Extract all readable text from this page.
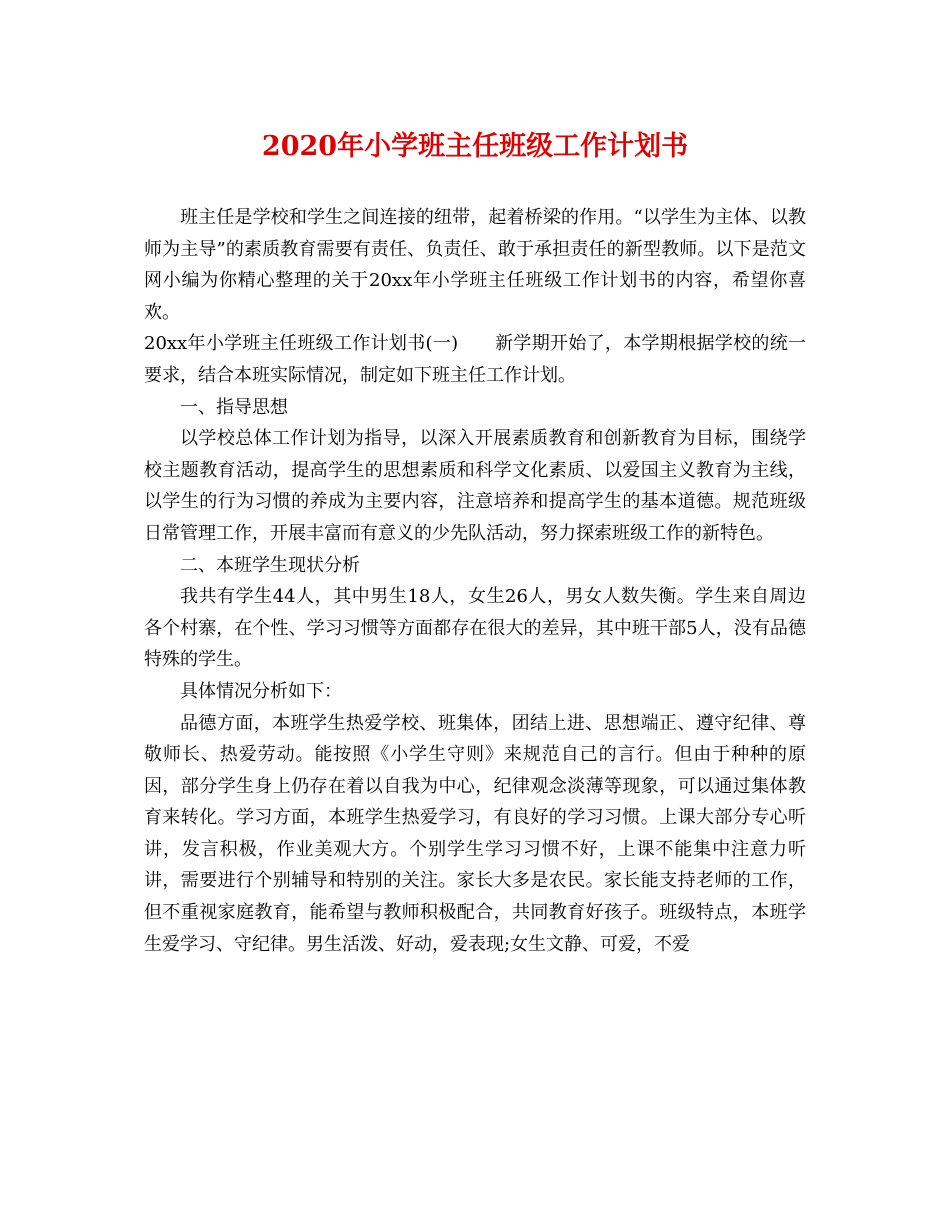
2020年小学班主任班级工作计划书

班主任是学校和学生之间连接的纽带，起着桥梁的作用。“以学生为主体、以教师为主导”的素质教育需要有责任、负责任、敢于承担责任的新型教师。以下是范文网小编为你精心整理的关于20xx年小学班主任班级工作计划书的内容，希望你喜欢。

20xx年小学班主任班级工作计划书(一)　　新学期开始了，本学期根据学校的统一要求，结合本班实际情况，制定如下班主任工作计划。

一、指导思想

以学校总体工作计划为指导，以深入开展素质教育和创新教育为目标，围绕学校主题教育活动，提高学生的思想素质和科学文化素质、以爱国主义教育为主线，以学生的行为习惯的养成为主要内容，注意培养和提高学生的基本道德。规范班级日常管理工作，开展丰富而有意义的少先队活动，努力探索班级工作的新特色。

二、本班学生现状分析

我共有学生44人，其中男生18人，女生26人，男女人数失衡。学生来自周边各个村寨，在个性、学习习惯等方面都存在很大的差异，其中班干部5人，没有品德特殊的学生。

具体情况分析如下：

品德方面，本班学生热爱学校、班集体，团结上进、思想端正、遵守纪律、尊敬师长、热爱劳动。能按照《小学生守则》来规范自己的言行。但由于种种的原因，部分学生身上仍存在着以自我为中心，纪律观念淡薄等现象，可以通过集体教育来转化。学习方面，本班学生热爱学习，有良好的学习习惯。上课大部分专心听讲，发言积极，作业美观大方。个别学生学习习惯不好，上课不能集中注意力听讲，需要进行个别辅导和特别的关注。家长大多是农民。家长能支持老师的工作，但不重视家庭教育，能希望与教师积极配合，共同教育好孩子。班级特点，本班学生爱学习、守纪律。男生活泼、好动，爱表现;女生文静、可爱，不爱
